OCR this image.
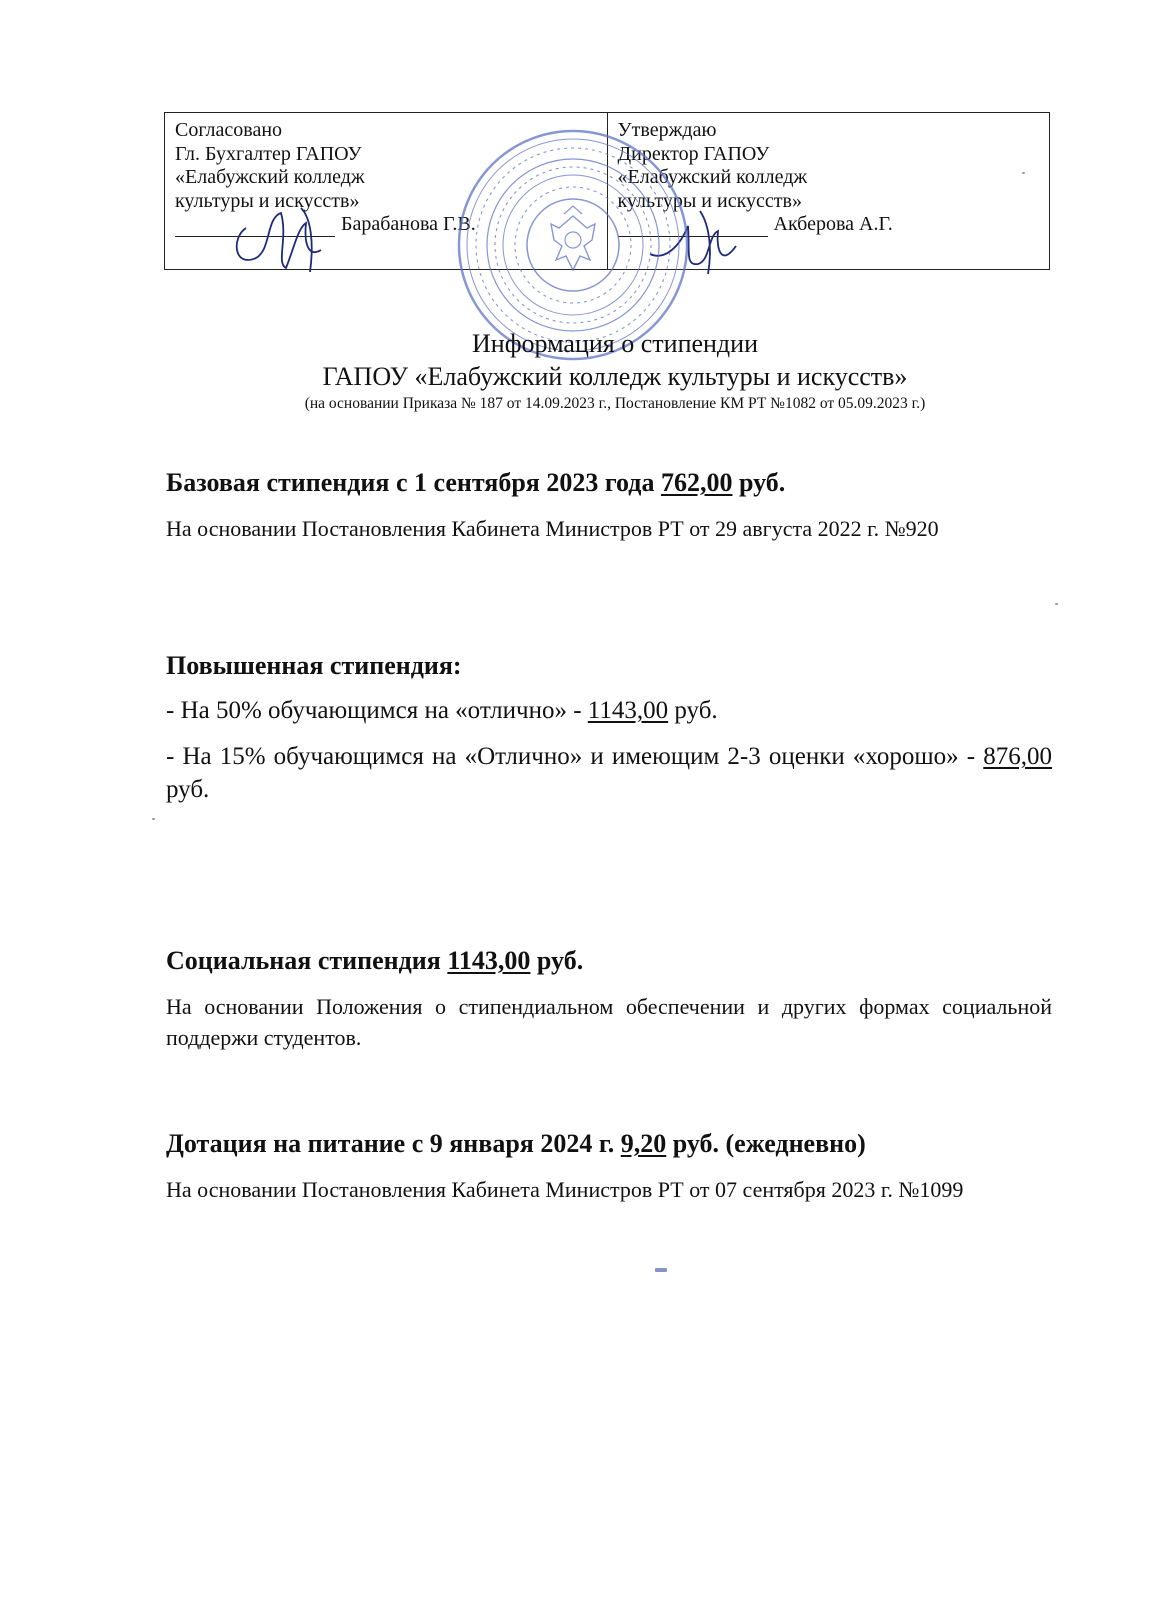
Согласовано
Гл. Бухгалтер ГАПОУ
«Елабужский колледж
культуры и искусств»
Барабанова Г.В.
Утверждаю
Директор ГАПОУ
«Елабужский колледж
культуры и искусств»
Акберова А.Г.
Информация о стипендии
ГАПОУ «Елабужский колледж культуры и искусств»
(на основании Приказа № 187 от 14.09.2023 г., Постановление КМ РТ №1082 от 05.09.2023 г.)
Базовая стипендия с 1 сентября 2023 года 762,00 руб.
На основании Постановления Кабинета Министров РТ от 29 августа 2022 г. №920
Повышенная стипендия:
- На 50% обучающимся на «отлично» - 1143,00 руб.
- На 15% обучающимся на «Отлично» и имеющим 2-3 оценки «хорошо» - 876,00 руб.
Социальная стипендия 1143,00 руб.
На основании Положения о стипендиальном обеспечении и других формах социальной поддержи студентов.
Дотация на питание с 9 января 2024 г. 9,20 руб. (ежедневно)
На основании Постановления Кабинета Министров РТ от 07 сентября 2023 г. №1099
